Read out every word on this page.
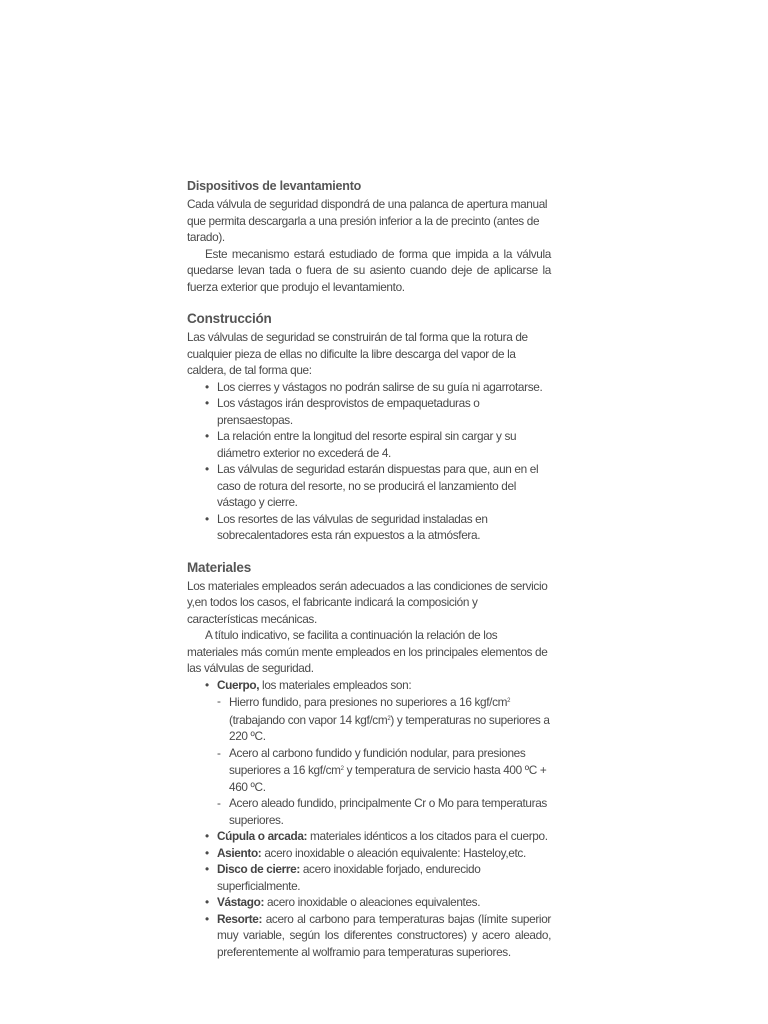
Dispositivos de levantamiento

Cada válvula de seguridad dispondrá de una palanca de apertura manual que permita descargarla a una presión inferior a la de precinto (antes de tarado).

Este mecanismo estará estudiado de forma que impida a la válvula quedarse levan tada o fuera de su asiento cuando deje de aplicarse la fuerza exterior que produjo el levantamiento.

Construcción

Las válvulas de seguridad se construirán de tal forma que la rotura de cualquier pieza de ellas no dificulte la libre descarga del vapor de la caldera, de tal forma que:

• Los cierres y vástagos no podrán salirse de su guía ni agarrotarse.
• Los vástagos irán desprovistos de empaquetaduras o prensaestopas.
• La relación entre la longitud del resorte espiral sin cargar y su diámetro exterior no excederá de 4.
• Las válvulas de seguridad estarán dispuestas para que, aun en el caso de rotura del resorte, no se producirá el lanzamiento del vástago y cierre.
• Los resortes de las válvulas de seguridad instaladas en sobrecalentadores esta rán expuestos a la atmósfera.
Materiales

Los materiales empleados serán adecuados a las condiciones de servicio y,en todos los casos, el fabricante indicará la composición y características mecánicas.

A título indicativo, se facilita a continuación la relación de los materiales más común mente empleados en los principales elementos de las válvulas de seguridad.

• Cuerpo, los materiales empleados son:
- Hierro fundido, para presiones no superiores a 16 kgf/$cm^2$ (trabajando con vapor 14 kgf/$cm^2$) y temperaturas no superiores a 220 ºC.
- Acero al carbono fundido y fundición nodular, para presiones superiores a 16 kgf/$cm^2$ y temperatura de servicio hasta 400 ºC + 460 ºC.
- Acero aleado fundido, principalmente Cr o Mo para temperaturas superiores.
• Cúpula o arcada: materiales idénticos a los citados para el cuerpo.
• Asiento: acero inoxidable o aleación equivalente: Hasteloy,etc.
• Disco de cierre: acero inoxidable forjado, endurecido superficialmente.
• Vástago: acero inoxidable o aleaciones equivalentes.
• Resorte: acero al carbono para temperaturas bajas (límite superior muy variable, según los diferentes constructores) y acero aleado, preferentemente al wolframio para temperaturas superiores.
